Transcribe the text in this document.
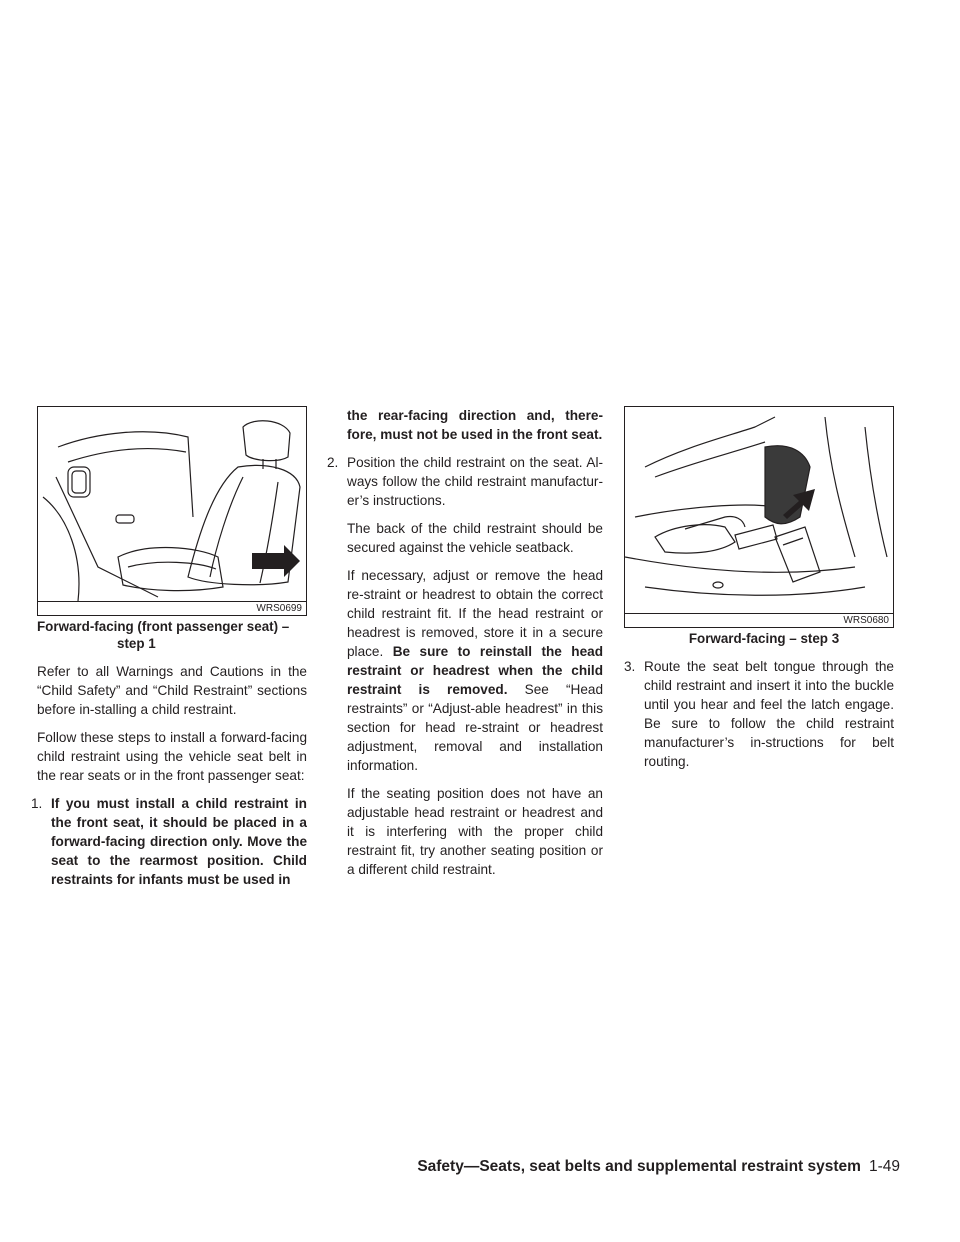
WRS0699
Forward-facing (front passenger seat) –
step 1

Refer to all Warnings and Cautions in the “Child Safety” and “Child Restraint” sections before in-stalling a child restraint.

Follow these steps to install a forward-facing child restraint using the vehicle seat belt in the rear seats or in the front passenger seat:

1. If you must install a child restraint in the front seat, it should be placed in a forward-facing direction only. Move the seat to the rearmost position. Child restraints for infants must be used in
the rear-facing direction and, there-fore, must not be used in the front seat.
2. Position the child restraint on the seat. Al-ways follow the child restraint manufactur-er’s instructions.

The back of the child restraint should be secured against the vehicle seatback.

If necessary, adjust or remove the head re-straint or headrest to obtain the correct child restraint fit. If the head restraint or headrest is removed, store it in a secure place. Be sure to reinstall the head restraint or headrest when the child restraint is removed. See “Head restraints” or “Adjust-able headrest” in this section for head re-straint or headrest adjustment, removal and installation information.

If the seating position does not have an adjustable head restraint or headrest and it is interfering with the proper child restraint fit, try another seating position or a different child restraint.

WRS0680
Forward-facing – step 3
3. Route the seat belt tongue through the child restraint and insert it into the buckle until you hear and feel the latch engage. Be sure to follow the child restraint manufacturer’s in-structions for belt routing.
Safety—Seats, seat belts and supplemental restraint system 1-49
